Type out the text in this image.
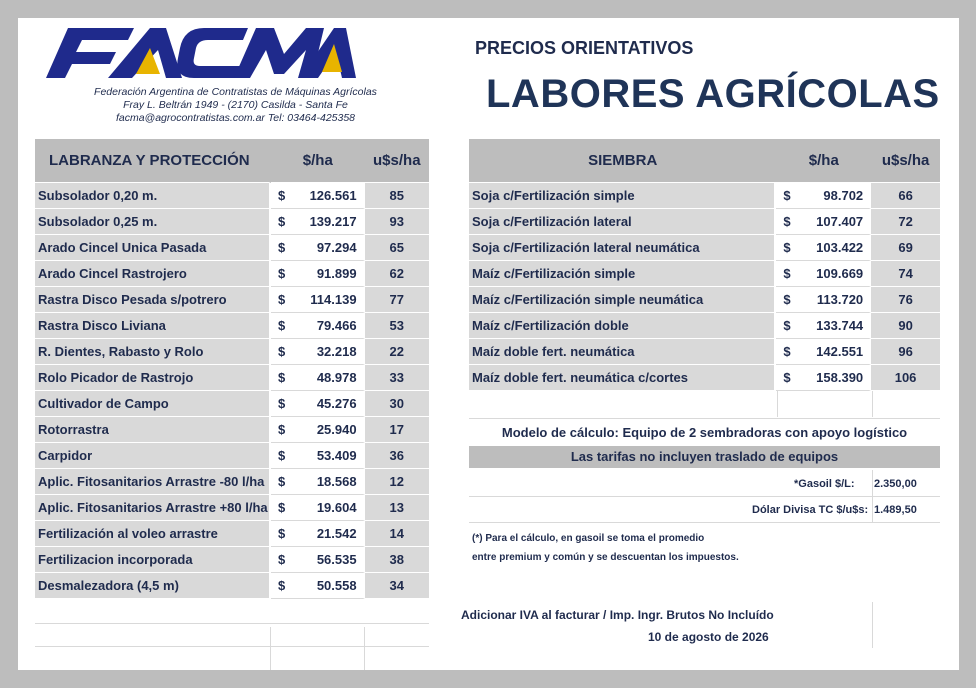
Federación Argentina de Contratistas de Máquinas Agrícolas
Fray L. Beltrán 1949 - (2170) Casilda - Santa Fe
facma@agrocontratistas.com.ar Tel: 03464-425358
PRECIOS ORIENTATIVOS
LABORES AGRÍCOLAS
LABRANZA Y PROTECCIÓN	$/ha		u$s/ha
Subsolador 0,20 m.	$	126.561	85
Subsolador 0,25 m.	$	139.217	93
Arado Cincel Unica Pasada	$	97.294	65
Arado Cincel Rastrojero	$	91.899	62
Rastra Disco Pesada s/potrero	$	114.139	77
Rastra Disco Liviana	$	79.466	53
R. Dientes, Rabasto y Rolo	$	32.218	22
Rolo Picador de Rastrojo	$	48.978	33
Cultivador de Campo	$	45.276	30
Rotorrastra	$	25.940	17
Carpidor	$	53.409	36
Aplic. Fitosanitarios Arrastre -80 l/ha	$	18.568	12
Aplic. Fitosanitarios Arrastre +80 l/ha	$	19.604	13
Fertilización al voleo arrastre	$	21.542	14
Fertilizacion incorporada	$	56.535	38
Desmalezadora (4,5 m)	$	50.558	34
SIEMBRA	$/ha		u$s/ha
Soja c/Fertilización simple	$	98.702	66
Soja c/Fertilización lateral	$	107.407	72
Soja c/Fertilización lateral neumática	$	103.422	69
Maíz c/Fertilización simple	$	109.669	74
Maíz c/Fertilización simple neumática	$	113.720	76
Maíz c/Fertilización doble	$	133.744	90
Maíz doble fert. neumática	$	142.551	96
Maíz doble fert. neumática c/cortes	$	158.390	106
Modelo de cálculo: Equipo de 2 sembradoras con apoyo logístico
Las tarifas no incluyen traslado de equipos
*Gasoil $/L: 2.350,00
Dólar Divisa TC $/u$s: 1.489,50
(*) Para el cálculo, en gasoil se toma el promedio
entre premium y común y se descuentan los impuestos.
Adicionar IVA al facturar / Imp. Ingr. Brutos No Incluído
10 de agosto de 2026
